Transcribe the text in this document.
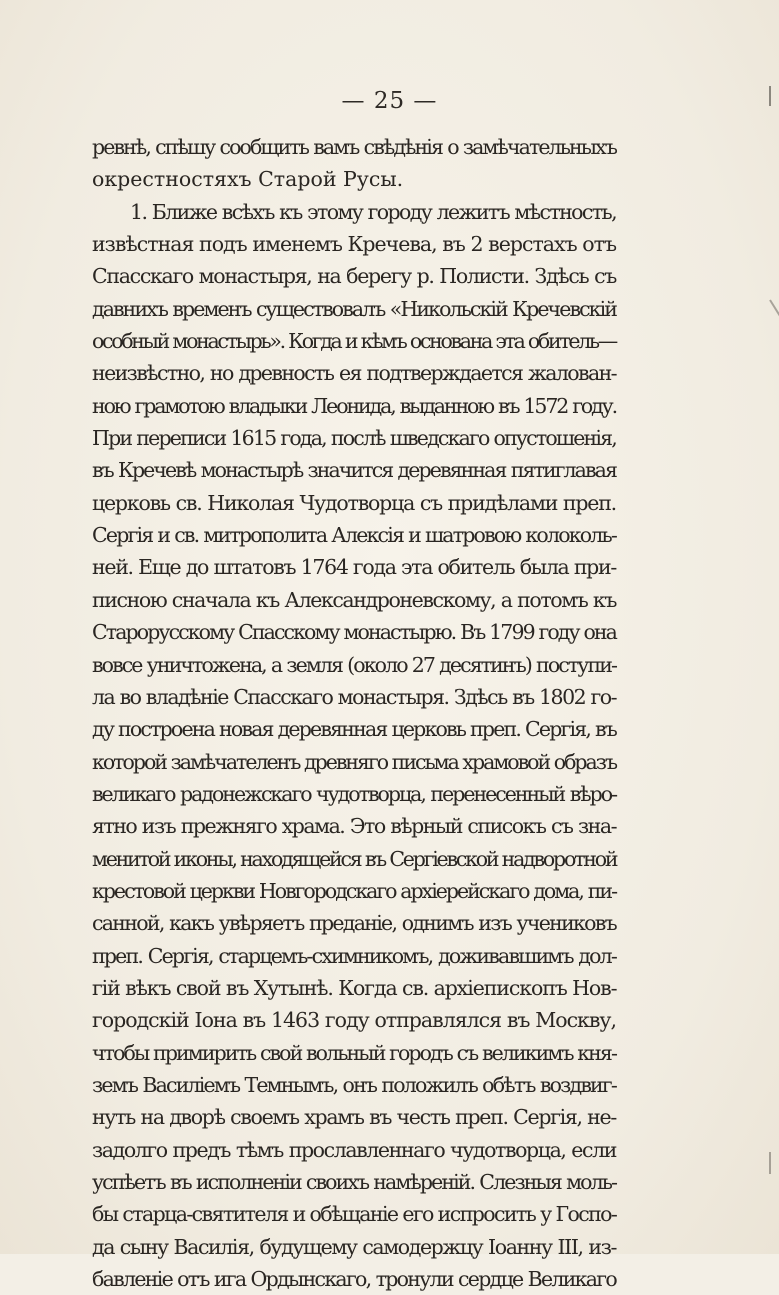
— 25 —
ревнѣ, спѣшу сообщить вамъ свѣдѣнія о замѣчательныхъ
окрестностяхъ Старой Русы.
1. Ближе всѣхъ къ этому городу лежитъ мѣстность,
извѣстная подъ именемъ Кречева, въ 2 верстахъ отъ
Спасскаго монастыря, на берегу р. Полисти. Здѣсь съ
давнихъ временъ существовалъ «Никольскій Кречевскій
особный монастырь». Когда и кѣмъ основана эта обитель—
неизвѣстно, но древность ея подтверждается жалован-
ною грамотою владыки Леонида, выданною въ 1572 году.
При переписи 1615 года, послѣ шведскаго опустошенія,
въ Кречевѣ монастырѣ значится деревянная пятиглавая
церковь св. Николая Чудотворца съ придѣлами преп.
Сергія и св. митрополита Алексія и шатровою колоколь-
ней. Еще до штатовъ 1764 года эта обитель была при-
писною сначала къ Александроневскому, а потомъ къ
Старорусскому Спасскому монастырю. Въ 1799 году она
вовсе уничтожена, а земля (около 27 десятинъ) поступи-
ла во владѣніе Спасскаго монастыря. Здѣсь въ 1802 го-
ду построена новая деревянная церковь преп. Сергія, въ
которой замѣчателенъ древняго письма храмовой образъ
великаго радонежскаго чудотворца, перенесенный вѣро-
ятно изъ прежняго храма. Это вѣрный списокъ съ зна-
менитой иконы, находящейся въ Сергіевской надворотной
крестовой церкви Новгородскаго архіерейскаго дома, пи-
санной, какъ увѣряетъ преданіе, однимъ изъ учениковъ
преп. Сергія, старцемъ-схимникомъ, доживавшимъ дол-
гій вѣкъ свой въ Хутынѣ. Когда св. архіепископъ Нов-
городскій Іона въ 1463 году отправлялся въ Москву,
чтобы примирить свой вольный городъ съ великимъ кня-
земъ Василіемъ Темнымъ, онъ положилъ обѣтъ воздвиг-
нуть на дворѣ своемъ храмъ въ честь преп. Сергія, не-
задолго предъ тѣмъ прославленнаго чудотворца, если
успѣетъ въ исполненіи своихъ намѣреній. Слезныя моль-
бы старца-святителя и обѣщаніе его испросить у Госпо-
да сыну Василія, будущему самодержцу Іоанну III, из-
бавленіе отъ ига Ордынскаго, тронули сердце Великаго
